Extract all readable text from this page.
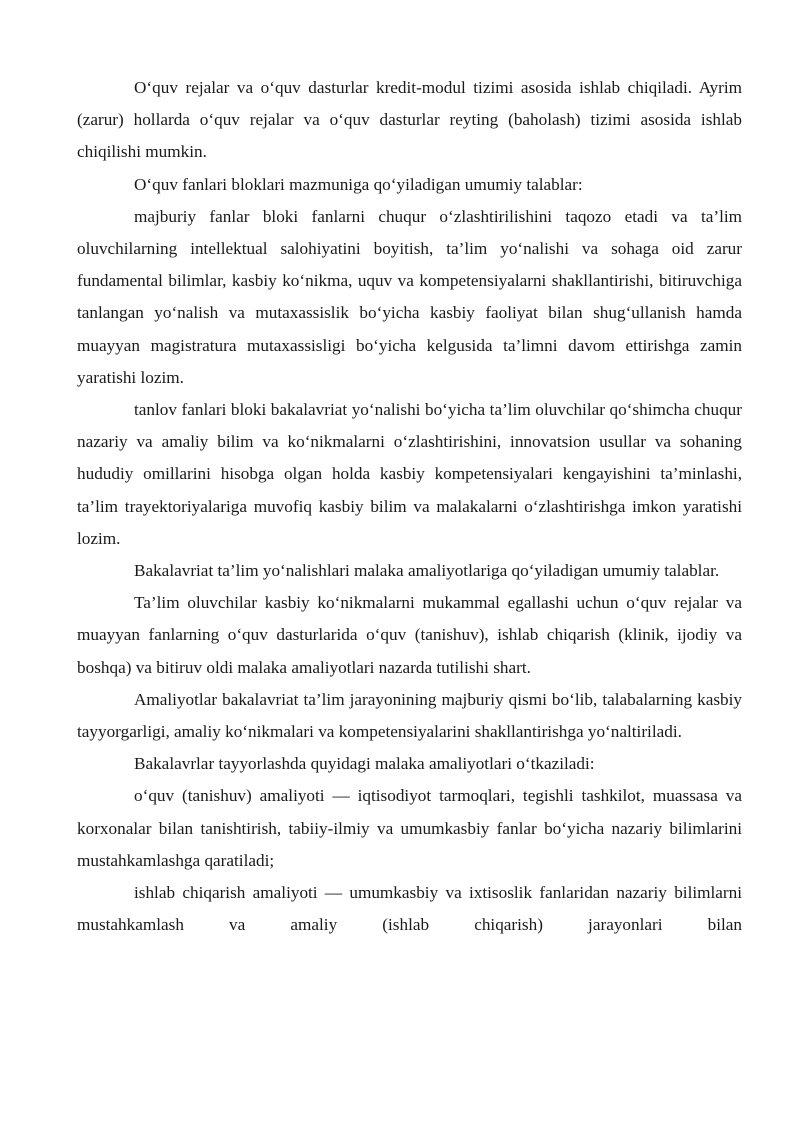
O‘quv rejalar va o‘quv dasturlar kredit-modul tizimi asosida ishlab chiqiladi. Ayrim (zarur) hollarda o‘quv rejalar va o‘quv dasturlar reyting (baholash) tizimi asosida ishlab chiqilishi mumkin.

O‘quv fanlari bloklari mazmuniga qo‘yiladigan umumiy talablar:

majburiy fanlar bloki fanlarni chuqur o‘zlashtirilishini taqozo etadi va ta’lim oluvchilarning intellektual salohiyatini boyitish, ta’lim yo‘nalishi va sohaga oid zarur fundamental bilimlar, kasbiy ko‘nikma, uquv va kompetensiyalarni shakllantirishi, bitiruvchiga tanlangan yo‘nalish va mutaxassislik bo‘yicha kasbiy faoliyat bilan shug‘ullanish hamda muayyan magistratura mutaxassisligi bo‘yicha kelgusida ta’limni davom ettirishga zamin yaratishi lozim.

tanlov fanlari bloki bakalavriat yo‘nalishi bo‘yicha ta’lim oluvchilar qo‘shimcha chuqur nazariy va amaliy bilim va ko‘nikmalarni o‘zlashtirishini, innovatsion usullar va sohaning hududiy omillarini hisobga olgan holda kasbiy kompetensiyalari kengayishini ta’minlashi, ta’lim trayektoriyalariga muvofiq kasbiy bilim va malakalarni o‘zlashtirishga imkon yaratishi lozim.

Bakalavriat ta’lim yo‘nalishlari malaka amaliyotlariga qo‘yiladigan umumiy talablar.

Ta’lim oluvchilar kasbiy ko‘nikmalarni mukammal egallashi uchun o‘quv rejalar va muayyan fanlarning o‘quv dasturlarida o‘quv (tanishuv), ishlab chiqarish (klinik, ijodiy va boshqa) va bitiruv oldi malaka amaliyotlari nazarda tutilishi shart.

Amaliyotlar bakalavriat ta’lim jarayonining majburiy qismi bo‘lib, talabalarning kasbiy tayyorgarligi, amaliy ko‘nikmalari va kompetensiyalarini shakllantirishga yo‘naltiriladi.

Bakalavrlar tayyorlashda quyidagi malaka amaliyotlari o‘tkaziladi:

o‘quv (tanishuv) amaliyoti — iqtisodiyot tarmoqlari, tegishli tashkilot, muassasa va korxonalar bilan tanishtirish, tabiiy-ilmiy va umumkasbiy fanlar bo‘yicha nazariy bilimlarini mustahkamlashga qaratiladi;

ishlab chiqarish amaliyoti — umumkasbiy va ixtisoslik fanlaridan nazariy bilimlarni mustahkamlash va amaliy (ishlab chiqarish) jarayonlari bilan
